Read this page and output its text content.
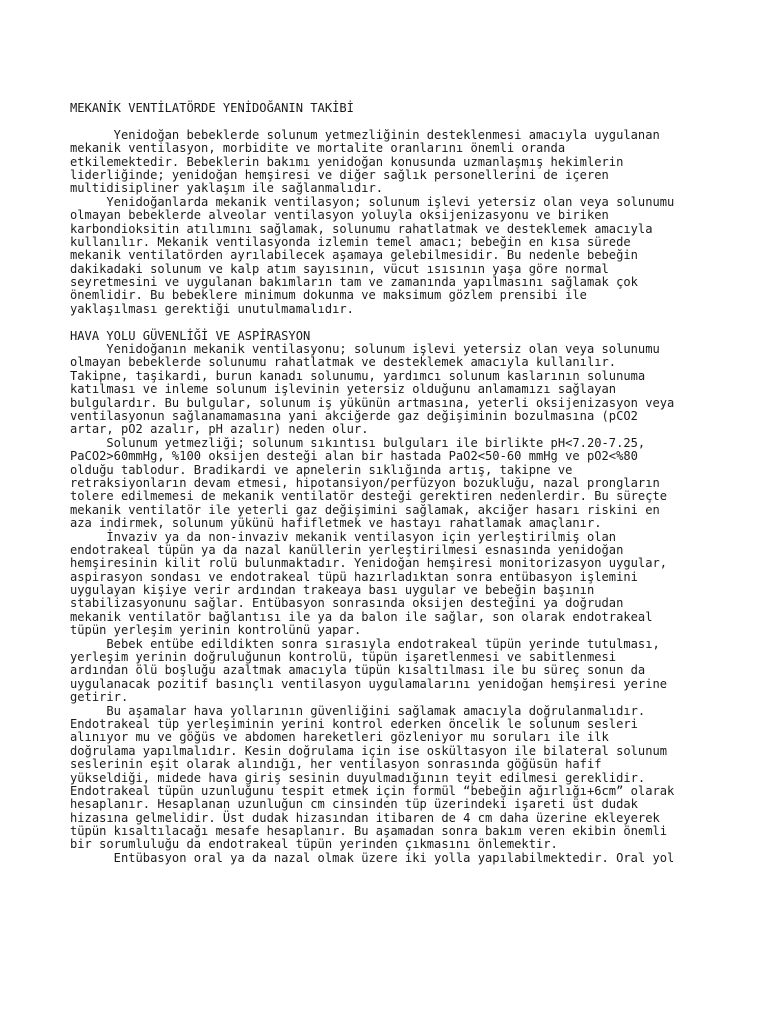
MEKANİK VENTİLATÖRDE YENİDOĞANIN TAKİBİ
Yenidoğan bebeklerde solunum yetmezliğinin desteklenmesi amacıyla uygulanan
mekanik ventilasyon, morbidite ve mortalite oranlarını önemli oranda
etkilemektedir. Bebeklerin bakımı yenidoğan konusunda uzmanlaşmış hekimlerin
liderliğinde; yenidoğan hemşiresi ve diğer sağlık personellerini de içeren
multidisipliner yaklaşım ile sağlanmalıdır.
Yenidoğanlarda mekanik ventilasyon; solunum işlevi yetersiz olan veya solunumu
olmayan bebeklerde alveolar ventilasyon yoluyla oksijenizasyonu ve biriken
karbondioksitin atılımını sağlamak, solunumu rahatlatmak ve desteklemek amacıyla
kullanılır. Mekanik ventilasyonda izlemin temel amacı; bebeğin en kısa sürede
mekanik ventilatörden ayrılabilecek aşamaya gelebilmesidir. Bu nedenle bebeğin
dakikadaki solunum ve kalp atım sayısının, vücut ısısının yaşa göre normal
seyretmesini ve uygulanan bakımların tam ve zamanında yapılmasını sağlamak çok
önemlidir. Bu bebeklere minimum dokunma ve maksimum gözlem prensibi ile
yaklaşılması gerektiği unutulmamalıdır.
HAVA YOLU GÜVENLİĞİ VE ASPİRASYON
Yenidoğanın mekanik ventilasyonu; solunum işlevi yetersiz olan veya solunumu
olmayan bebeklerde solunumu rahatlatmak ve desteklemek amacıyla kullanılır.
Takipne, taşikardi, burun kanadı solunumu, yardımcı solunum kaslarının solunuma
katılması ve inleme solunum işlevinin yetersiz olduğunu anlamamızı sağlayan
bulgulardır. Bu bulgular, solunum iş yükünün artmasına, yeterli oksijenizasyon veya
ventilasyonun sağlanamamasına yani akciğerde gaz değişiminin bozulmasına (pCO2
artar, pO2 azalır, pH azalır) neden olur.
Solunum yetmezliği; solunum sıkıntısı bulguları ile birlikte pH<7.20-7.25,
PaCO2>60mmHg, %100 oksijen desteği alan bir hastada PaO2<50-60 mmHg ve pO2<%80
olduğu tablodur. Bradikardi ve apnelerin sıklığında artış, takipne ve
retraksiyonların devam etmesi, hipotansiyon/perfüzyon bozukluğu, nazal prongların
tolere edilmemesi de mekanik ventilatör desteği gerektiren nedenlerdir. Bu süreçte
mekanik ventilatör ile yeterli gaz değişimini sağlamak, akciğer hasarı riskini en
aza indirmek, solunum yükünü hafifletmek ve hastayı rahatlamak amaçlanır.
İnvaziv ya da non-invaziv mekanik ventilasyon için yerleştirilmiş olan
endotrakeal tüpün ya da nazal kanüllerin yerleştirilmesi esnasında yenidoğan
hemşiresinin kilit rolü bulunmaktadır. Yenidoğan hemşiresi monitorizasyon uygular,
aspirasyon sondası ve endotrakeal tüpü hazırladıktan sonra entübasyon işlemini
uygulayan kişiye verir ardından trakeaya bası uygular ve bebeğin başının
stabilizasyonunu sağlar. Entübasyon sonrasında oksijen desteğini ya doğrudan
mekanik ventilatör bağlantısı ile ya da balon ile sağlar, son olarak endotrakeal
tüpün yerleşim yerinin kontrolünü yapar.
Bebek entübe edildikten sonra sırasıyla endotrakeal tüpün yerinde tutulması,
yerleşim yerinin doğruluğunun kontrolü, tüpün işaretlenmesi ve sabitlenmesi
ardından ölü boşluğu azaltmak amacıyla tüpün kısaltılması ile bu süreç sonun da
uygulanacak pozitif basınçlı ventilasyon uygulamalarını yenidoğan hemşiresi yerine
getirir.
Bu aşamalar hava yollarının güvenliğini sağlamak amacıyla doğrulanmalıdır.
Endotrakeal tüp yerleşiminin yerini kontrol ederken öncelik le solunum sesleri
alınıyor mu ve göğüs ve abdomen hareketleri gözleniyor mu soruları ile ilk
doğrulama yapılmalıdır. Kesin doğrulama için ise oskültasyon ile bilateral solunum
seslerinin eşit olarak alındığı, her ventilasyon sonrasında göğüsün hafif
yükseldiği, midede hava giriş sesinin duyulmadığının teyit edilmesi gereklidir.
Endotrakeal tüpün uzunluğunu tespit etmek için formül “bebeğin ağırlığı+6cm” olarak
hesaplanır. Hesaplanan uzunluğun cm cinsinden tüp üzerindeki işareti üst dudak
hizasına gelmelidir. Üst dudak hizasından itibaren de 4 cm daha üzerine ekleyerek
tüpün kısaltılacağı mesafe hesaplanır. Bu aşamadan sonra bakım veren ekibin önemli
bir sorumluluğu da endotrakeal tüpün yerinden çıkmasını önlemektir.
Entübasyon oral ya da nazal olmak üzere iki yolla yapılabilmektedir. Oral yol
